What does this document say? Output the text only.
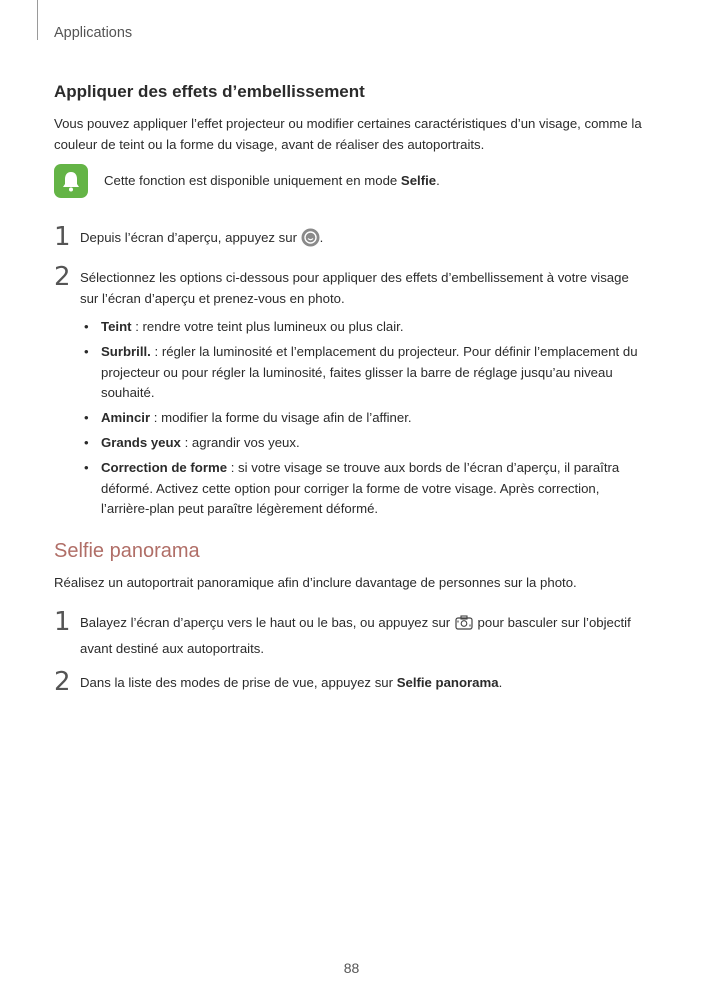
Applications
Appliquer des effets d’embellissement

Vous pouvez appliquer l’effet projecteur ou modifier certaines caractéristiques d’un visage, comme la couleur de teint ou la forme du visage, avant de réaliser des autoportraits.

Cette fonction est disponible uniquement en mode Selfie.

1 Depuis l’écran d’aperçu, appuyez sur .
2 Sélectionnez les options ci-dessous pour appliquer des effets d’embellissement à votre visage sur l’écran d’aperçu et prenez-vous en photo.
• Teint : rendre votre teint plus lumineux ou plus clair.
• Surbrill. : régler la luminosité et l’emplacement du projecteur. Pour définir l’emplacement du projecteur ou pour régler la luminosité, faites glisser la barre de réglage jusqu’au niveau souhaité.
• Amincir : modifier la forme du visage afin de l’affiner.
• Grands yeux : agrandir vos yeux.
• Correction de forme : si votre visage se trouve aux bords de l’écran d’aperçu, il paraîtra déformé. Activez cette option pour corriger la forme de votre visage. Après correction, l’arrière-plan peut paraître légèrement déformé.
Selfie panorama

Réalisez un autoportrait panoramique afin d’inclure davantage de personnes sur la photo.

1 Balayez l’écran d’aperçu vers le haut ou le bas, ou appuyez sur  pour basculer sur l’objectif avant destiné aux autoportraits.
2 Dans la liste des modes de prise de vue, appuyez sur Selfie panorama.
88
